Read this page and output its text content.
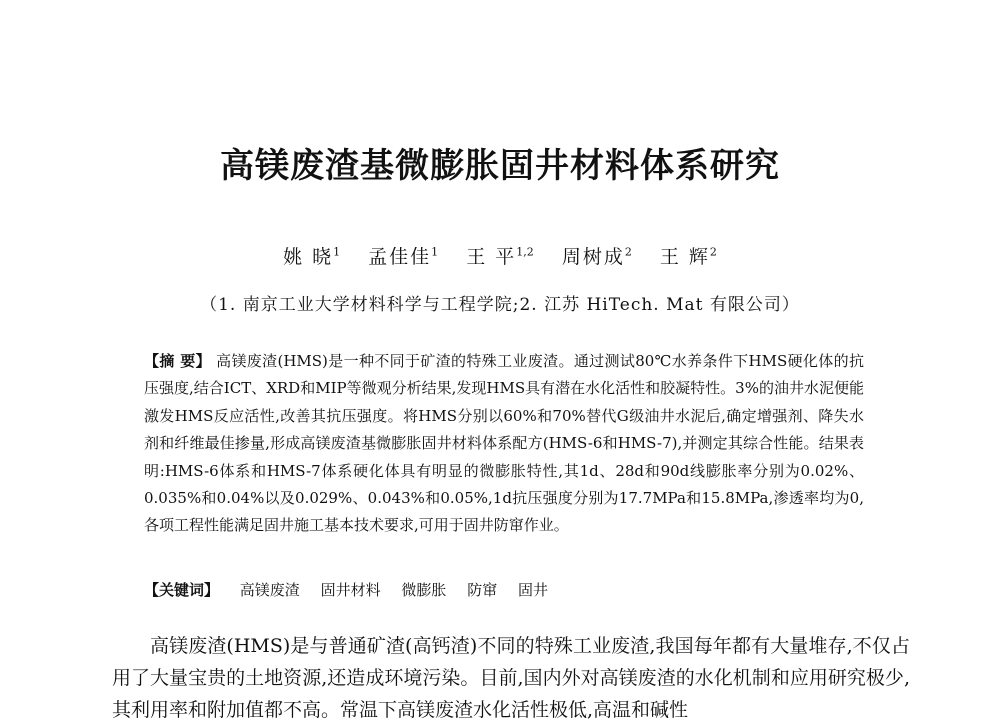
高镁废渣基微膨胀固井材料体系研究
姚 晓$^1$ 孟佳佳$^1$ 王 平$^{1,2}$ 周树成$^2$ 王 辉$^2$
（1. 南京工业大学材料科学与工程学院;2. 江苏 HiTech. Mat 有限公司）
【摘 要】 高镁废渣(HMS)是一种不同于矿渣的特殊工业废渣。通过测试80℃水养条件下HMS硬化体的抗压强度,结合ICT、XRD和MIP等微观分析结果,发现HMS具有潜在水化活性和胶凝特性。3%的油井水泥便能激发HMS反应活性,改善其抗压强度。将HMS分别以60%和70%替代G级油井水泥后,确定增强剂、降失水剂和纤维最佳掺量,形成高镁废渣基微膨胀固井材料体系配方(HMS-6和HMS-7),并测定其综合性能。结果表明:HMS-6体系和HMS-7体系硬化体具有明显的微膨胀特性,其1d、28d和90d线膨胀率分别为0.02%、0.035%和0.04%以及0.029%、0.043%和0.05%,1d抗压强度分别为17.7MPa和15.8MPa,渗透率均为0,各项工程性能满足固井施工基本技术要求,可用于固井防窜作业。
【关键词】 高镁废渣 固井材料 微膨胀 防窜 固井
高镁废渣(HMS)是与普通矿渣(高钙渣)不同的特殊工业废渣,我国每年都有大量堆存,不仅占用了大量宝贵的土地资源,还造成环境污染。目前,国内外对高镁废渣的水化机制和应用研究极少,其利用率和附加值都不高。常温下高镁废渣水化活性极低,高温和碱性
